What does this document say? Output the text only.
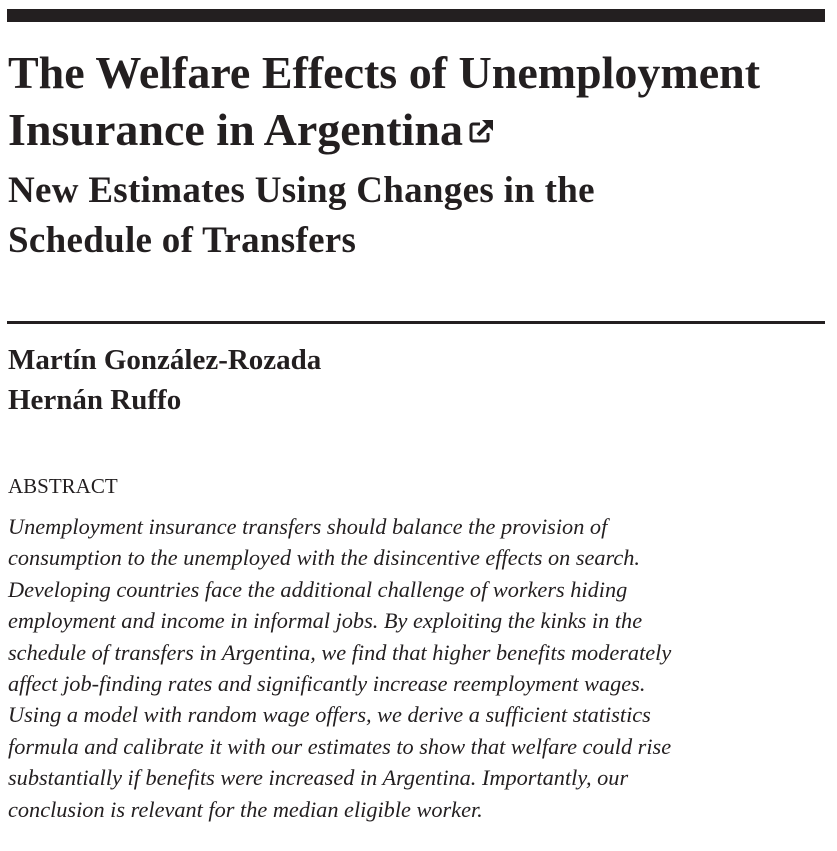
The Welfare Effects of Unemployment
Insurance in Argentina
New Estimates Using Changes in the
Schedule of Transfers
Martín González-Rozada
Hernán Ruffo
ABSTRACT
Unemployment insurance transfers should balance the provision of
consumption to the unemployed with the disincentive effects on search.
Developing countries face the additional challenge of workers hiding
employment and income in informal jobs. By exploiting the kinks in the
schedule of transfers in Argentina, we find that higher benefits moderately
affect job-finding rates and significantly increase reemployment wages.
Using a model with random wage offers, we derive a sufficient statistics
formula and calibrate it with our estimates to show that welfare could rise
substantially if benefits were increased in Argentina. Importantly, our
conclusion is relevant for the median eligible worker.
